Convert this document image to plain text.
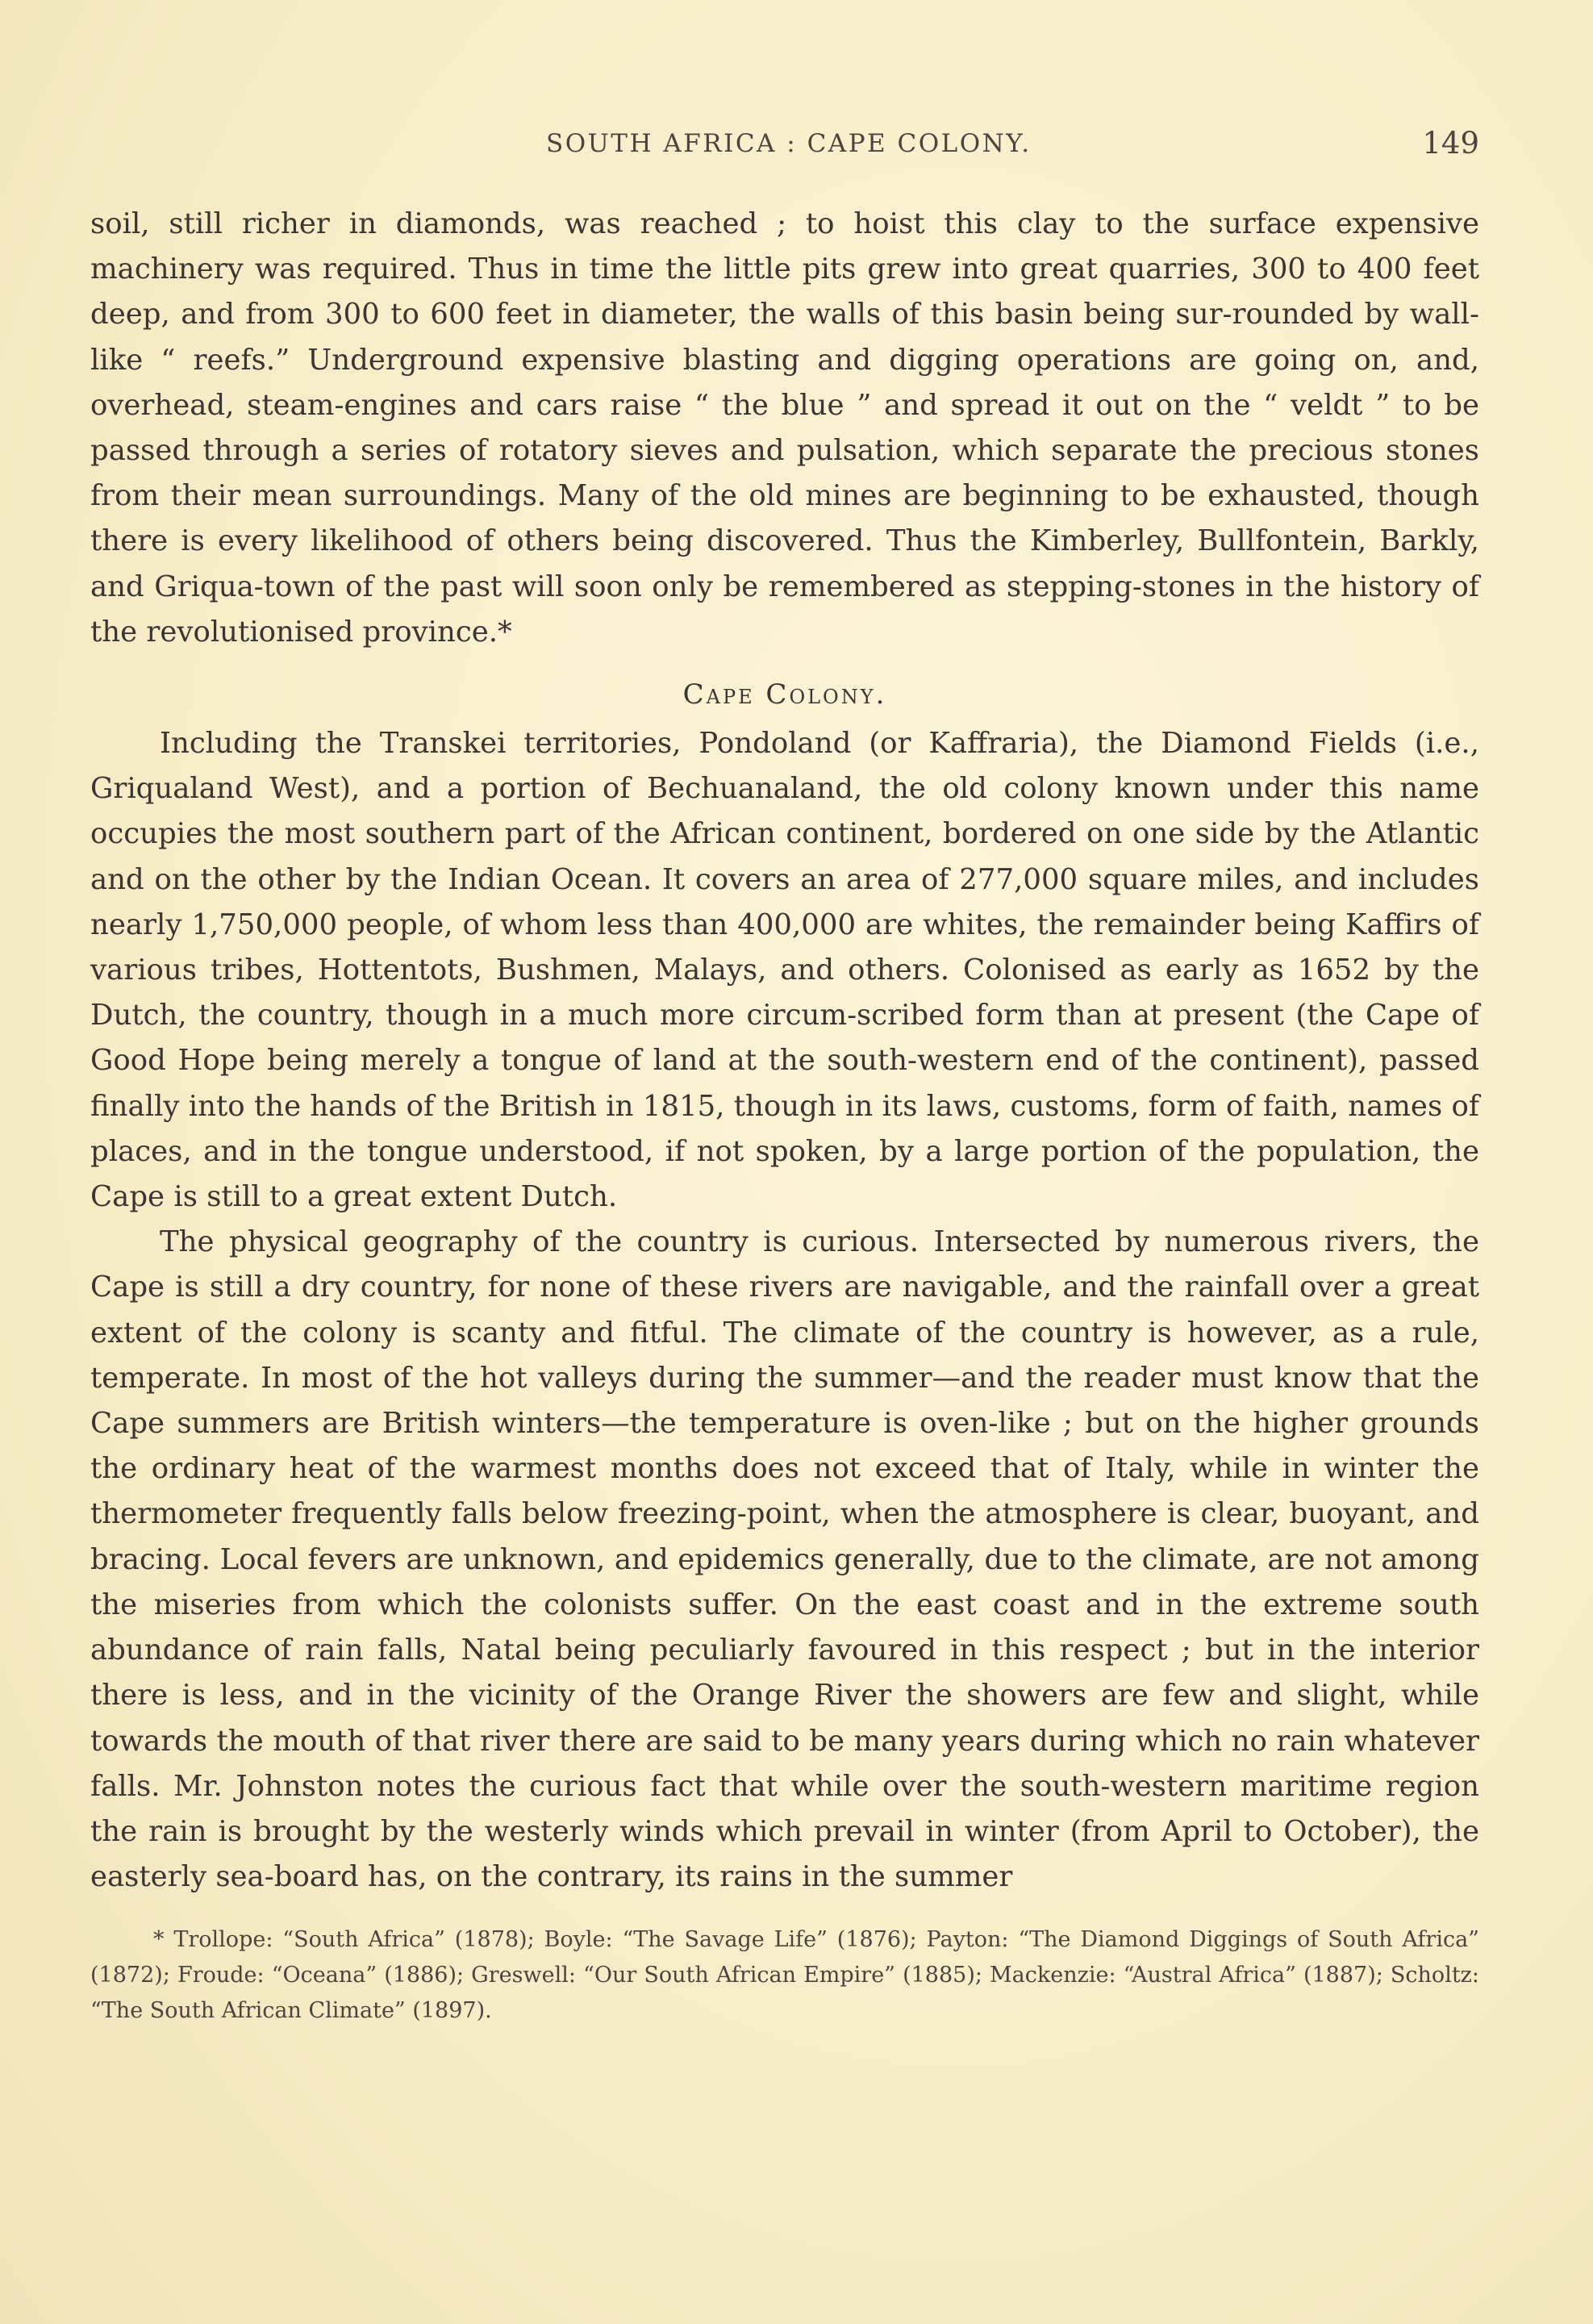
SOUTH AFRICA : CAPE COLONY.	149

soil, still richer in diamonds, was reached ; to hoist this clay to the surface expensive machinery was required. Thus in time the little pits grew into great quarries, 300 to 400 feet deep, and from 300 to 600 feet in diameter, the walls of this basin being sur-rounded by wall-like “ reefs.” Underground expensive blasting and digging operations are going on, and, overhead, steam-engines and cars raise “ the blue ” and spread it out on the “ veldt ” to be passed through a series of rotatory sieves and pulsation, which separate the precious stones from their mean surroundings. Many of the old mines are beginning to be exhausted, though there is every likelihood of others being discovered. Thus the Kimberley, Bullfontein, Barkly, and Griqua-town of the past will soon only be remembered as stepping-stones in the history of the revolutionised province.*

Cape Colony.

Including the Transkei territories, Pondoland (or Kaffraria), the Diamond Fields (i.e., Griqualand West), and a portion of Bechuanaland, the old colony known under this name occupies the most southern part of the African continent, bordered on one side by the Atlantic and on the other by the Indian Ocean. It covers an area of 277,000 square miles, and includes nearly 1,750,000 people, of whom less than 400,000 are whites, the remainder being Kaffirs of various tribes, Hottentots, Bushmen, Malays, and others. Colonised as early as 1652 by the Dutch, the country, though in a much more circum-scribed form than at present (the Cape of Good Hope being merely a tongue of land at the south-western end of the continent), passed finally into the hands of the British in 1815, though in its laws, customs, form of faith, names of places, and in the tongue understood, if not spoken, by a large portion of the population, the Cape is still to a great extent Dutch.

The physical geography of the country is curious. Intersected by numerous rivers, the Cape is still a dry country, for none of these rivers are navigable, and the rainfall over a great extent of the colony is scanty and fitful. The climate of the country is however, as a rule, temperate. In most of the hot valleys during the summer—and the reader must know that the Cape summers are British winters—the temperature is oven-like ; but on the higher grounds the ordinary heat of the warmest months does not exceed that of Italy, while in winter the thermometer frequently falls below freezing-point, when the atmosphere is clear, buoyant, and bracing. Local fevers are unknown, and epidemics generally, due to the climate, are not among the miseries from which the colonists suffer. On the east coast and in the extreme south abundance of rain falls, Natal being peculiarly favoured in this respect ; but in the interior there is less, and in the vicinity of the Orange River the showers are few and slight, while towards the mouth of that river there are said to be many years during which no rain whatever falls. Mr. Johnston notes the curious fact that while over the south-western maritime region the rain is brought by the westerly winds which prevail in winter (from April to October), the easterly sea-board has, on the contrary, its rains in the summer

* Trollope: “South Africa” (1878); Boyle: “The Savage Life” (1876); Payton: “The Diamond Diggings of South Africa” (1872); Froude: “Oceana” (1886); Greswell: “Our South African Empire” (1885); Mackenzie: “Austral Africa” (1887); Scholtz: “The South African Climate” (1897).
